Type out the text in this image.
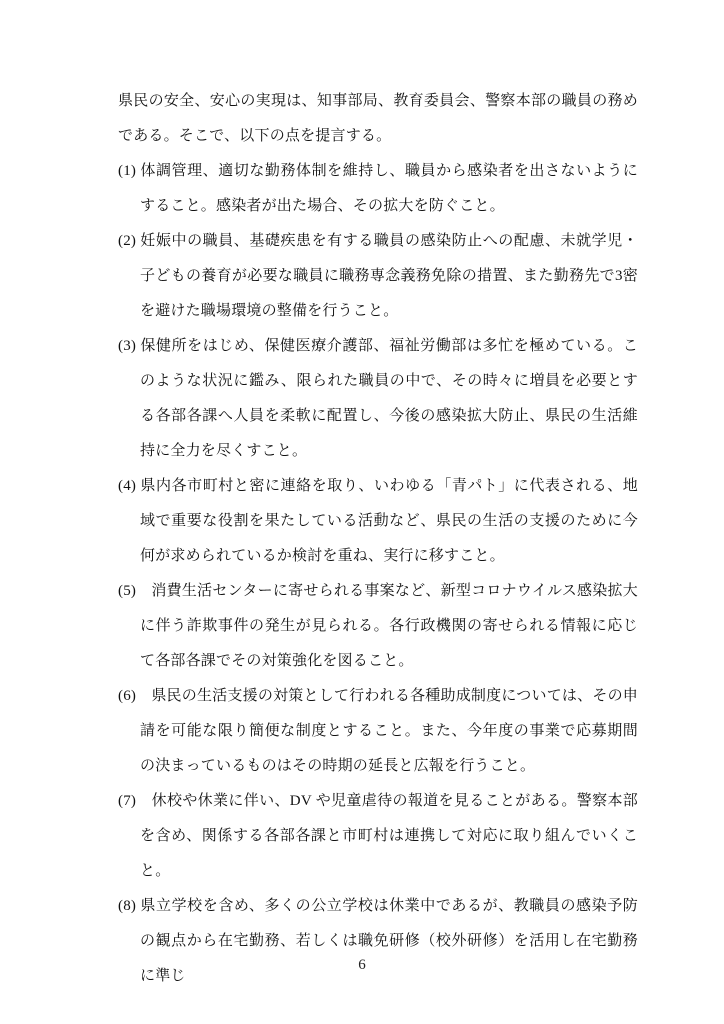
県民の安全、安心の実現は、知事部局、教育委員会、警察本部の職員の務めである。そこで、以下の点を提言する。

(1) 体調管理、適切な勤務体制を維持し、職員から感染者を出さないようにすること。感染者が出た場合、その拡大を防ぐこと。

(2) 妊娠中の職員、基礎疾患を有する職員の感染防止への配慮、未就学児・子どもの養育が必要な職員に職務専念義務免除の措置、また勤務先で3密を避けた職場環境の整備を行うこと。

(3) 保健所をはじめ、保健医療介護部、福祉労働部は多忙を極めている。このような状況に鑑み、限られた職員の中で、その時々に増員を必要とする各部各課へ人員を柔軟に配置し、今後の感染拡大防止、県民の生活維持に全力を尽くすこと。

(4) 県内各市町村と密に連絡を取り、いわゆる「青パト」に代表される、地域で重要な役割を果たしている活動など、県民の生活の支援のために今何が求められているか検討を重ね、実行に移すこと。

(5)　消費生活センターに寄せられる事案など、新型コロナウイルス感染拡大に伴う詐欺事件の発生が見られる。各行政機関の寄せられる情報に応じて各部各課でその対策強化を図ること。

(6)　県民の生活支援の対策として行われる各種助成制度については、その申請を可能な限り簡便な制度とすること。また、今年度の事業で応募期間の決まっているものはその時期の延長と広報を行うこと。

(7)　休校や休業に伴い、DV や児童虐待の報道を見ることがある。警察本部を含め、関係する各部各課と市町村は連携して対応に取り組んでいくこと。

(8) 県立学校を含め、多くの公立学校は休業中であるが、教職員の感染予防の観点から在宅勤務、若しくは職免研修（校外研修）を活用し在宅勤務に準じ

6
